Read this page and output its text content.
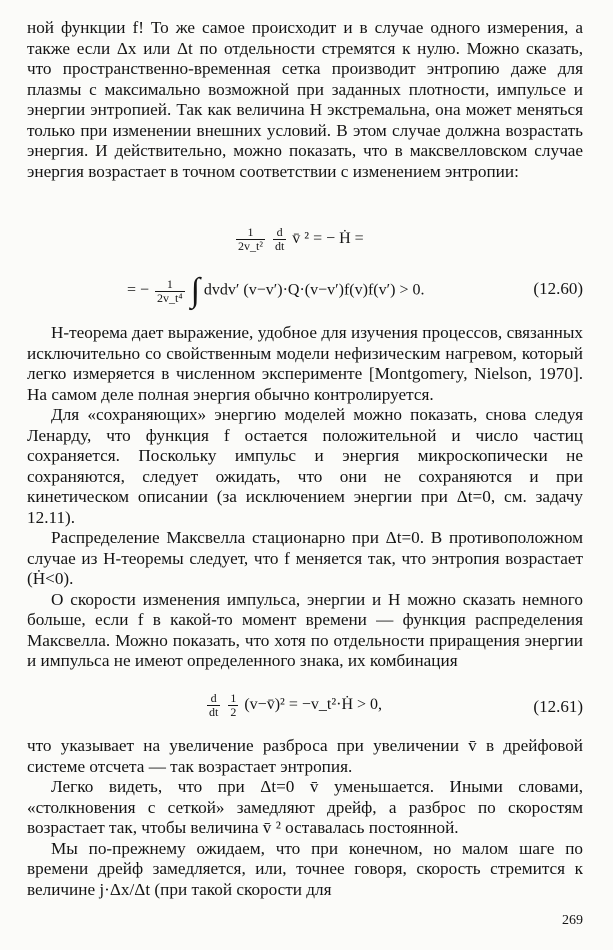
ной функции f! То же самое происходит и в случае одного измерения, а также если Δx или Δt по отдельности стремятся к нулю. Можно сказать, что пространственно-временная сетка производит энтропию даже для плазмы с максимально возможной при заданных плотности, импульсе и энергии энтропией. Так как величина H экстремальна, она может меняться только при изменении внешних условий. В этом случае должна возрастать энергия. И действительно, можно показать, что в максвелловском случае энергия возрастает в точном соответствии с изменением энтропии:

$\frac{1}{\text{2v\_t²}}$
$\frac{d}{dt}$ v̄ ² = − Ḣ =
= − $\frac{1}{\text{2v\_t⁴}}$ ∫ dvdv′ (v−v′)·Q·(v−v′)f(v)f(v′) > 0.	(12.60)

H-теорема дает выражение, удобное для изучения процессов, связанных исключительно со свойственным модели нефизическим нагревом, который легко измеряется в численном эксперименте [Montgomery, Nielson, 1970]. На самом деле полная энергия обычно контролируется.

Для «сохраняющих» энергию моделей можно показать, снова следуя Ленарду, что функция f остается положительной и число частиц сохраняется. Поскольку импульс и энергия микроскопически не сохраняются, следует ожидать, что они не сохраняются и при кинетическом описании (за исключением энергии при Δt=0, см. задачу 12.11).

Распределение Максвелла стационарно при Δt=0. В противоположном случае из H-теоремы следует, что f меняется так, что энтропия возрастает (Ḣ<0).

О скорости изменения импульса, энергии и H можно сказать немного больше, если f в какой-то момент времени — функция распределения Максвелла. Можно показать, что хотя по отдельности приращения энергии и импульса не имеют определенного знака, их комбинация

$\frac{d}{dt}$
$\frac{1}{2}$ (v−v̄)² = −v_t²·Ḣ > 0,	(12.61)

что указывает на увеличение разброса при увеличении v̄ в дрейфовой системе отсчета — так возрастает энтропия.

Легко видеть, что при Δt=0 v̄ уменьшается. Иными словами, «столкновения с сеткой» замедляют дрейф, а разброс по скоростям возрастает так, чтобы величина v̄ ² оставалась постоянной.

Мы по-прежнему ожидаем, что при конечном, но малом шаге по времени дрейф замедляется, или, точнее говоря, скорость стремится к величине j·Δx/Δt (при такой скорости для

269
